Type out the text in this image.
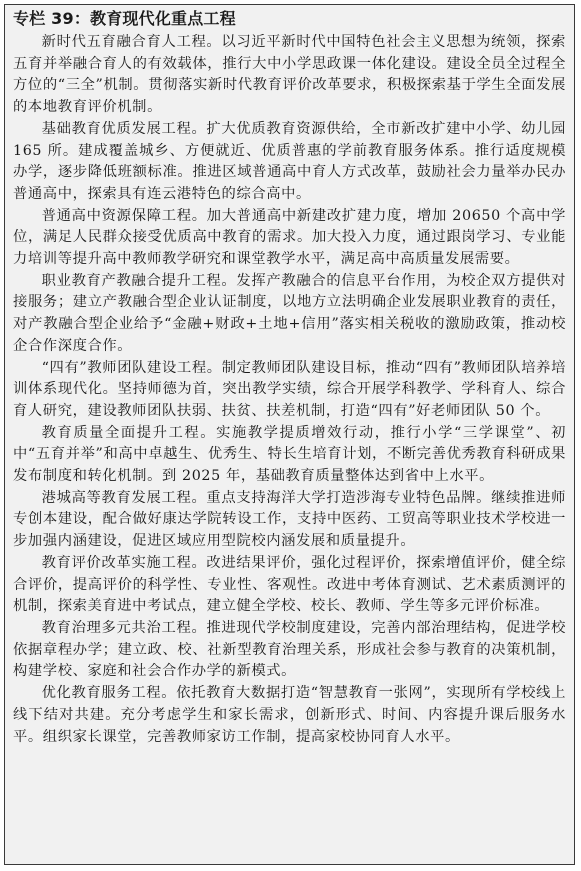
专栏 39：教育现代化重点工程

新时代五育融合育人工程。以习近平新时代中国特色社会主义思想为统领，探索五育并举融合育人的有效载体，推行大中小学思政课一体化建设。建设全员全过程全方位的“三全”机制。贯彻落实新时代教育评价改革要求，积极探索基于学生全面发展的本地教育评价机制。

基础教育优质发展工程。扩大优质教育资源供给，全市新改扩建中小学、幼儿园 165 所。建成覆盖城乡、方便就近、优质普惠的学前教育服务体系。推行适度规模办学，逐步降低班额标准。推进区域普通高中育人方式改革，鼓励社会力量举办民办普通高中，探索具有连云港特色的综合高中。

普通高中资源保障工程。加大普通高中新建改扩建力度，增加 20650 个高中学位，满足人民群众接受优质高中教育的需求。加大投入力度，通过跟岗学习、专业能力培训等提升高中教师教学研究和课堂教学水平，满足高中高质量发展需要。

职业教育产教融合提升工程。发挥产教融合的信息平台作用，为校企双方提供对接服务；建立产教融合型企业认证制度，以地方立法明确企业发展职业教育的责任，对产教融合型企业给予“金融+财政+土地+信用”落实相关税收的激励政策，推动校企合作深度合作。

“四有”教师团队建设工程。制定教师团队建设目标，推动“四有”教师团队培养培训体系现代化。坚持师德为首，突出教学实绩，综合开展学科教学、学科育人、综合育人研究，建设教师团队扶弱、扶贫、扶差机制，打造“四有”好老师团队 50 个。

教育质量全面提升工程。实施教学提质增效行动，推行小学“三学课堂”、初中“五育并举”和高中卓越生、优秀生、特长生培育计划，不断完善优秀教育科研成果发布制度和转化机制。到 2025 年，基础教育质量整体达到省中上水平。

港城高等教育发展工程。重点支持海洋大学打造涉海专业特色品牌。继续推进师专创本建设，配合做好康达学院转设工作，支持中医药、工贸高等职业技术学校进一步加强内涵建设，促进区域应用型院校内涵发展和质量提升。

教育评价改革实施工程。改进结果评价，强化过程评价，探索增值评价，健全综合评价，提高评价的科学性、专业性、客观性。改进中考体育测试、艺术素质测评的机制，探索美育进中考试点，建立健全学校、校长、教师、学生等多元评价标准。

教育治理多元共治工程。推进现代学校制度建设，完善内部治理结构，促进学校依据章程办学；建立政、校、社新型教育治理关系，形成社会参与教育的决策机制，构建学校、家庭和社会合作办学的新模式。

优化教育服务工程。依托教育大数据打造“智慧教育一张网”，实现所有学校线上线下结对共建。充分考虑学生和家长需求，创新形式、时间、内容提升课后服务水平。组织家长课堂，完善教师家访工作制，提高家校协同育人水平。
